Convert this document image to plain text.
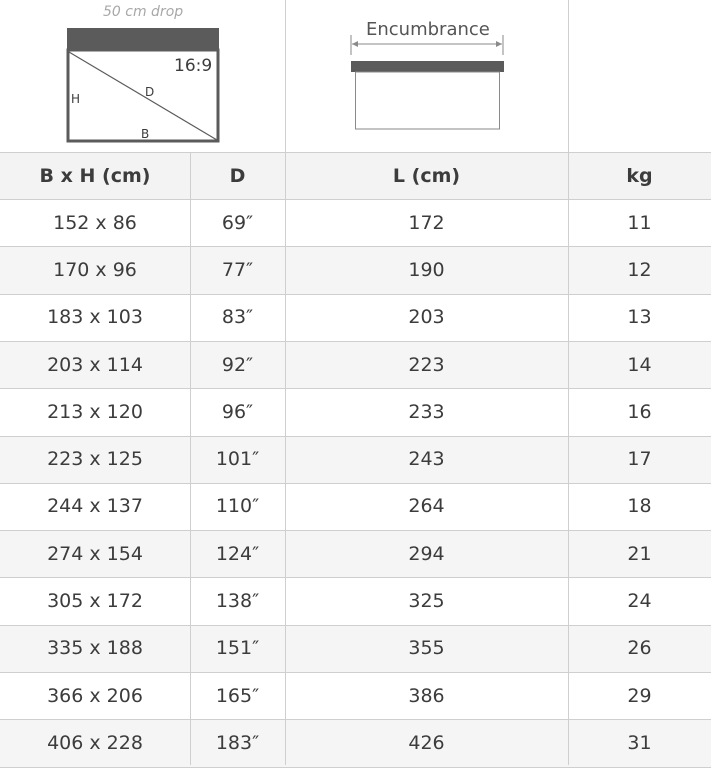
50 cm drop
16:9
H	D
B
Encumbrance
B x H (cm)	D	L (cm)	kg
152 x 86	69″	172	11
170 x 96	77″	190	12
183 x 103	83″	203	13
203 x 114	92″	223	14
213 x 120	96″	233	16
223 x 125	101″	243	17
244 x 137	110″	264	18
274 x 154	124″	294	21
305 x 172	138″	325	24
335 x 188	151″	355	26
366 x 206	165″	386	29
406 x 228	183″	426	31
